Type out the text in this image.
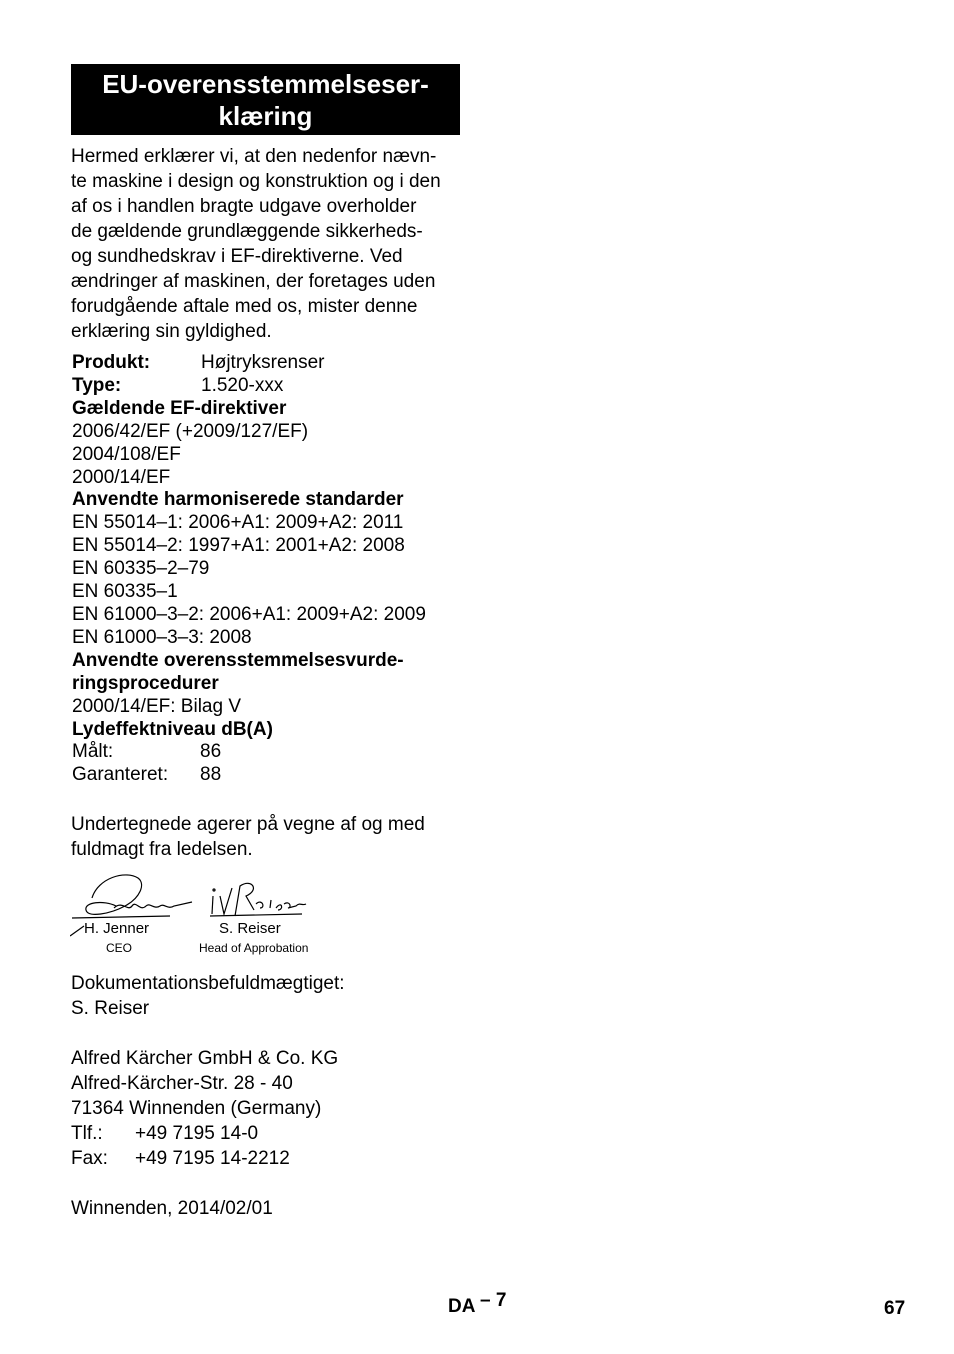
EU-overensstemmelseser-
klæring
Hermed erklærer vi, at den nedenfor nævn-
te maskine i design og konstruktion og i den
af os i handlen bragte udgave overholder
de gældende grundlæggende sikkerheds-
og sundhedskrav i EF-direktiverne. Ved
ændringer af maskinen, der foretages uden
forudgående aftale med os, mister denne
erklæring sin gyldighed.
Produkt:	Højtryksrenser
Type:	1.520-xxx
Gældende EF-direktiver
2006/42/EF (+2009/127/EF)
2004/108/EF
2000/14/EF
Anvendte harmoniserede standarder
EN 55014–1: 2006+A1: 2009+A2: 2011
EN 55014–2: 1997+A1: 2001+A2: 2008
EN 60335–2–79
EN 60335–1
EN 61000–3–2: 2006+A1: 2009+A2: 2009
EN 61000–3–3: 2008
Anvendte overensstemmelsesvurde-
ringsprocedurer
2000/14/EF: Bilag V
Lydeffektniveau dB(A)
Målt:	86
Garanteret:	88
Undertegnede agerer på vegne af og med
fuldmagt fra ledelsen.
H. Jenner
CEO
S. Reiser
Head of Approbation
Dokumentationsbefuldmægtiget:
S. Reiser
Alfred Kärcher GmbH & Co. KG
Alfred-Kärcher-Str. 28 - 40
71364 Winnenden (Germany)
Tlf.:	+49 7195 14-0
Fax:	+49 7195 14-2212
Winnenden, 2014/02/01
DA – 7	67
